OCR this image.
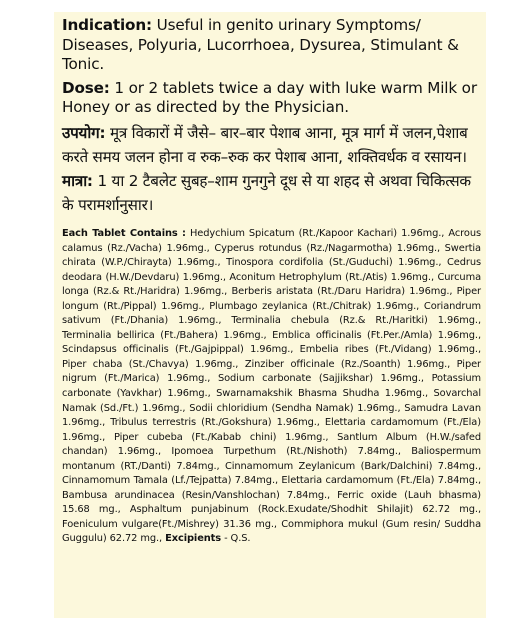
Indication: Useful in genito urinary Symptoms/ Diseases, Polyuria, Lucorrhoea, Dysurea, Stimulant & Tonic.

Dose: 1 or 2 tablets twice a day with luke warm Milk or Honey or as directed by the Physician.

उपयोग: मूत्र विकारों में जैसे– बार–बार पेशाब आना, मूत्र मार्ग में जलन,पेशाब करते समय जलन होना व रुक–रुक कर पेशाब आना, शक्तिवर्धक व रसायन।

मात्रा: 1 या 2 टैबलेट सुबह–शाम गुनगुने दूध से या शहद से अथवा चिकित्सक के परामर्शानुसार।

Each Tablet Contains : Hedychium Spicatum (Rt./Kapoor Kachari) 1.96mg., Acrous calamus (Rz./Vacha) 1.96mg., Cyperus rotundus (Rz./Nagarmotha) 1.96mg., Swertia chirata (W.P./Chirayta) 1.96mg., Tinospora cordifolia (St./Guduchi) 1.96mg., Cedrus deodara (H.W./Devdaru) 1.96mg., Aconitum Hetrophylum (Rt./Atis) 1.96mg., Curcuma longa (Rz.& Rt./Haridra) 1.96mg., Berberis aristata (Rt./Daru Haridra) 1.96mg., Piper longum (Rt./Pippal) 1.96mg., Plumbago zeylanica (Rt./Chitrak) 1.96mg., Coriandrum sativum (Ft./Dhania) 1.96mg., Terminalia chebula (Rz.& Rt./Haritki) 1.96mg., Terminalia bellirica (Ft./Bahera) 1.96mg., Emblica officinalis (Ft.Per./Amla) 1.96mg., Scindapsus officinalis (Ft./Gajpippal) 1.96mg., Embelia ribes (Ft./Vidang) 1.96mg., Piper chaba (St./Chavya) 1.96mg., Zinziber officinale (Rz./Soanth) 1.96mg., Piper nigrum (Ft./Marica) 1.96mg., Sodium carbonate (Sajjikshar) 1.96mg., Potassium carbonate (Yavkhar) 1.96mg., Swarnamakshik Bhasma Shudha 1.96mg., Sovarchal Namak (Sd./Ft.) 1.96mg., Sodii chloridium (Sendha Namak) 1.96mg., Samudra Lavan 1.96mg., Tribulus terrestris (Rt./Gokshura) 1.96mg., Elettaria cardamomum (Ft./Ela) 1.96mg., Piper cubeba (Ft./Kabab chini) 1.96mg., Santlum Album (H.W./safed chandan) 1.96mg., Ipomoea Turpethum (Rt./Nishoth) 7.84mg., Baliospermum montanum (RT./Danti) 7.84mg., Cinnamomum Zeylanicum (Bark/Dalchini) 7.84mg., Cinnamomum Tamala (Lf./Tejpatta) 7.84mg., Elettaria cardamomum (Ft./Ela) 7.84mg., Bambusa arundinacea (Resin/Vanshlochan) 7.84mg., Ferric oxide (Lauh bhasma) 15.68 mg., Asphaltum punjabinum (Rock.Exudate/Shodhit Shilajit) 62.72 mg., Foeniculum vulgare(Ft./Mishrey) 31.36 mg., Commiphora mukul (Gum resin/ Suddha Guggulu) 62.72 mg., Excipients - Q.S.
